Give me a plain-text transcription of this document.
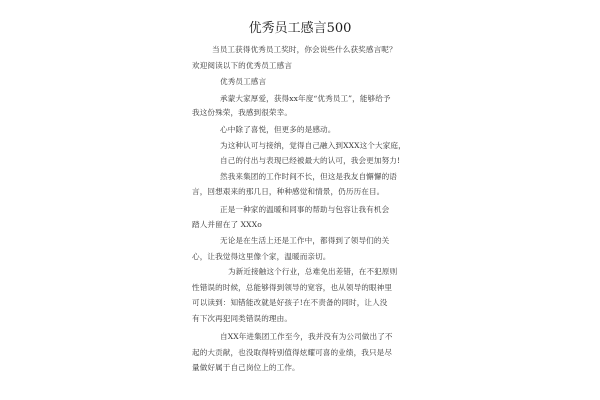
优秀员工感言500
当员工获得优秀员工奖时，你会说些什么获奖感言呢？
欢迎阅读以下的优秀员工感言
优秀员工感言
承蒙大家厚爱，获得xx年度“优秀员工”，能够给予
我这份殊荣，我感到很荣幸。
心中除了喜悦，但更多的是感动。
为这种认可与接纳，觉得自己融入到XXX这个大家庭，
自己的付出与表现已经被最大的认可，我会更加努力!
然我来集团的工作时间不长，但这是我友自懈懈的语
言，回想艰来的那几日，种种感觉和情景，仍历历在目。
正是一种家的温暖和同事的帮助与包容让我有机会
踏人并留在了 XXXo
无论是在生活上还是工作中，都得到了领导们的关
心，让我觉得这里像个家，温暖而亲切。
为新近接触这个行业，总难免出差错，在不犯原则
性错误的时候，总能够得到领导的宽容，也从领导的眼神里
可以读到：知错能改就是好孩子!在不责备的同时，让人没
有下次再犯同类错误的理由。
自XX年进集团工作至今，我并没有为公司做出了不
起的大贡献，也没取得特别值得炫耀可喜的业绩，我只是尽
量做好属于自己岗位上的工作。
